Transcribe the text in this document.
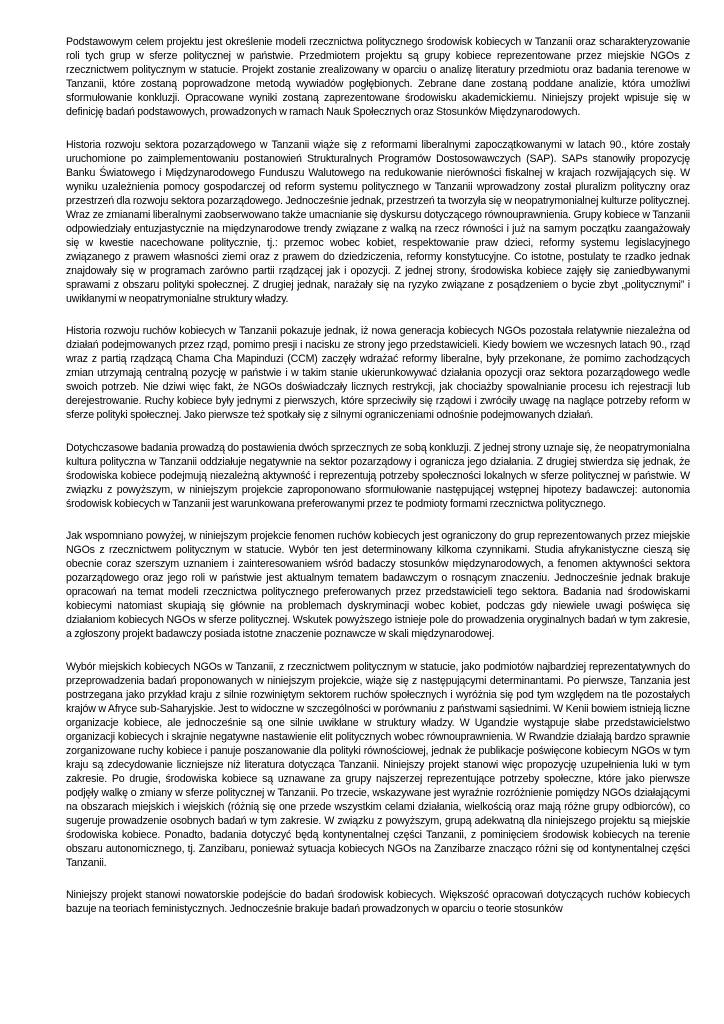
Podstawowym celem projektu jest określenie modeli rzecznictwa politycznego środowisk kobiecych w Tanzanii oraz scharakteryzowanie roli tych grup w sferze politycznej w państwie. Przedmiotem projektu są grupy kobiece reprezentowane przez miejskie NGOs z rzecznictwem politycznym w statucie. Projekt zostanie zrealizowany w oparciu o analizę literatury przedmiotu oraz badania terenowe w Tanzanii, które zostaną poprowadzone metodą wywiadów pogłębionych. Zebrane dane zostaną poddane analizie, która umożliwi sformułowanie konkluzji. Opracowane wyniki zostaną zaprezentowane środowisku akademickiemu. Niniejszy projekt wpisuje się w definicję badań podstawowych, prowadzonych w ramach Nauk Społecznych oraz Stosunków Międzynarodowych.

Historia rozwoju sektora pozarządowego w Tanzanii wiąże się z reformami liberalnymi zapoczątkowanymi w latach 90., które zostały uruchomione po zaimplementowaniu postanowień Strukturalnych Programów Dostosowawczych (SAP). SAPs stanowiły propozycję Banku Światowego i Międzynarodowego Funduszu Walutowego na redukowanie nierówności fiskalnej w krajach rozwijających się. W wyniku uzależnienia pomocy gospodarczej od reform systemu politycznego w Tanzanii wprowadzony został pluralizm polityczny oraz przestrzeń dla rozwoju sektora pozarządowego. Jednocześnie jednak, przestrzeń ta tworzyła się w neopatrymonialnej kulturze politycznej. Wraz ze zmianami liberalnymi zaobserwowano także umacnianie się dyskursu dotyczącego równouprawnienia. Grupy kobiece w Tanzanii odpowiedziały entuzjastycznie na międzynarodowe trendy związane z walką na rzecz równości i już na samym początku zaangażowały się w kwestie nacechowane politycznie, tj.: przemoc wobec kobiet, respektowanie praw dzieci, reformy systemu legislacyjnego związanego z prawem własności ziemi oraz z prawem do dziedziczenia, reformy konstytucyjne. Co istotne, postulaty te rzadko jednak znajdowały się w programach zarówno partii rządzącej jak i opozycji. Z jednej strony, środowiska kobiece zajęły się zaniedbywanymi sprawami z obszaru polityki społecznej. Z drugiej jednak, narażały się na ryzyko związane z posądzeniem o bycie zbyt „politycznymi” i uwikłanymi w neopatrymonialne struktury władzy.

Historia rozwoju ruchów kobiecych w Tanzanii pokazuje jednak, iż nowa generacja kobiecych NGOs pozostała relatywnie niezależna od działań podejmowanych przez rząd, pomimo presji i nacisku ze strony jego przedstawicieli. Kiedy bowiem we wczesnych latach 90., rząd wraz z partią rządzącą Chama Cha Mapinduzi (CCM) zaczęły wdrażać reformy liberalne, były przekonane, że pomimo zachodzących zmian utrzymają centralną pozycję w państwie i w takim stanie ukierunkowywać działania opozycji oraz sektora pozarządowego wedle swoich potrzeb. Nie dziwi więc fakt, że NGOs doświadczały licznych restrykcji, jak chociażby spowalnianie procesu ich rejestracji lub derejestrowanie. Ruchy kobiece były jednymi z pierwszych, które sprzeciwiły się rządowi i zwróciły uwagę na naglące potrzeby reform w sferze polityki społecznej. Jako pierwsze też spotkały się z silnymi ograniczeniami odnośnie podejmowanych działań.

Dotychczasowe badania prowadzą do postawienia dwóch sprzecznych ze sobą konkluzji. Z jednej strony uznaje się, że neopatrymonialna kultura polityczna w Tanzanii oddziałuje negatywnie na sektor pozarządowy i ogranicza jego działania. Z drugiej stwierdza się jednak, że środowiska kobiece podejmują niezależną aktywność i reprezentują potrzeby społeczności lokalnych w sferze politycznej w państwie. W związku z powyższym, w niniejszym projekcie zaproponowano sformułowanie następującej wstępnej hipotezy badawczej: autonomia środowisk kobiecych w Tanzanii jest warunkowana preferowanymi przez te podmioty formami rzecznictwa politycznego.

Jak wspomniano powyżej, w niniejszym projekcie fenomen ruchów kobiecych jest ograniczony do grup reprezentowanych przez miejskie NGOs z rzecznictwem politycznym w statucie. Wybór ten jest determinowany kilkoma czynnikami. Studia afrykanistyczne cieszą się obecnie coraz szerszym uznaniem i zainteresowaniem wśród badaczy stosunków międzynarodowych, a fenomen aktywności sektora pozarządowego oraz jego roli w państwie jest aktualnym tematem badawczym o rosnącym znaczeniu. Jednocześnie jednak brakuje opracowań na temat modeli rzecznictwa politycznego preferowanych przez przedstawicieli tego sektora. Badania nad środowiskami kobiecymi natomiast skupiają się głównie na problemach dyskryminacji wobec kobiet, podczas gdy niewiele uwagi poświęca się działaniom kobiecych NGOs w sferze politycznej. Wskutek powyższego istnieje pole do prowadzenia oryginalnych badań w tym zakresie, a zgłoszony projekt badawczy posiada istotne znaczenie poznawcze w skali międzynarodowej.

Wybór miejskich kobiecych NGOs w Tanzanii, z rzecznictwem politycznym w statucie, jako podmiotów najbardziej reprezentatywnych do przeprowadzenia badań proponowanych w niniejszym projekcie, wiąże się z następującymi determinantami. Po pierwsze, Tanzania jest postrzegana jako przykład kraju z silnie rozwiniętym sektorem ruchów społecznych i wyróżnia się pod tym względem na tle pozostałych krajów w Afryce sub-Saharyjskie. Jest to widoczne w szczególności w porównaniu z państwami sąsiednimi. W Kenii bowiem istnieją liczne organizacje kobiece, ale jednocześnie są one silnie uwikłane w struktury władzy. W Ugandzie wystąpuje słabe przedstawicielstwo organizacji kobiecych i skrajnie negatywne nastawienie elit politycznych wobec równouprawnienia. W Rwandzie działają bardzo sprawnie zorganizowane ruchy kobiece i panuje poszanowanie dla polityki równościowej, jednak że publikacje poświęcone kobiecym NGOs w tym kraju są zdecydowanie liczniejsze niż literatura dotycząca Tanzanii. Niniejszy projekt stanowi więc propozycję uzupełnienia luki w tym zakresie. Po drugie, środowiska kobiece są uznawane za grupy najszerzej reprezentujące potrzeby społeczne, które jako pierwsze podjęły walkę o zmiany w sferze politycznej w Tanzanii. Po trzecie, wskazywane jest wyraźnie rozróżnienie pomiędzy NGOs działającymi na obszarach miejskich i wiejskich (różnią się one przede wszystkim celami działania, wielkością oraz mają różne grupy odbiorców), co sugeruje prowadzenie osobnych badań w tym zakresie. W związku z powyższym, grupą adekwatną dla niniejszego projektu są miejskie środowiska kobiece. Ponadto, badania dotyczyć będą kontynentalnej części Tanzanii, z pominięciem środowisk kobiecych na terenie obszaru autonomicznego, tj. Zanzibaru, ponieważ sytuacja kobiecych NGOs na Zanzibarze znacząco różni się od kontynentalnej części Tanzanii.

Niniejszy projekt stanowi nowatorskie podejście do badań środowisk kobiecych. Większość opracowań dotyczących ruchów kobiecych bazuje na teoriach feministycznych. Jednocześnie brakuje badań prowadzonych w oparciu o teorie stosunków
